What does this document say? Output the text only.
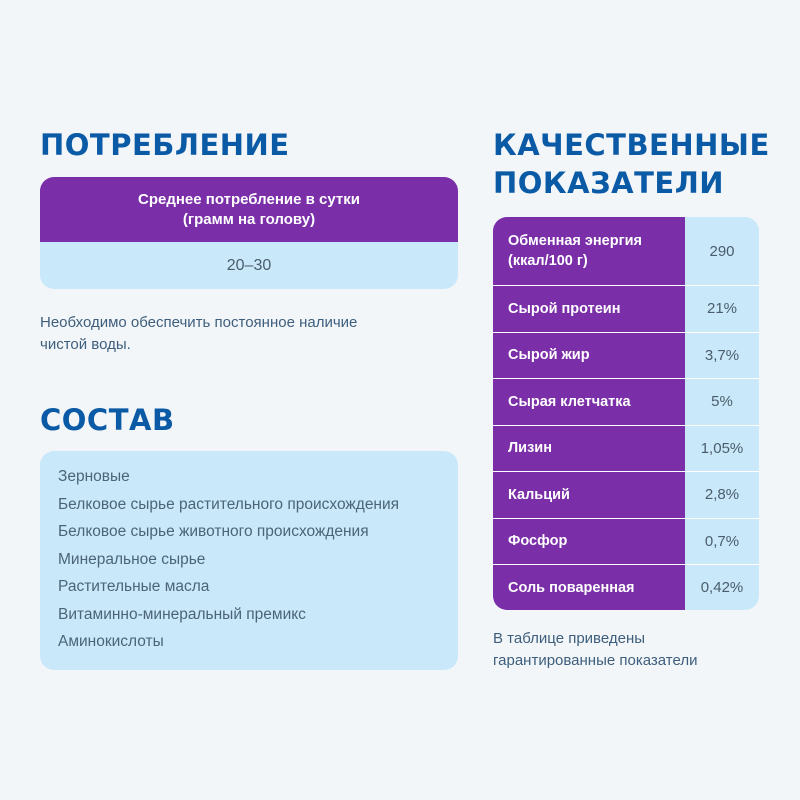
ПОТРЕБЛЕНИЕ
Среднее потребление в сутки
(грамм на голову)
20–30

Необходимо обеспечить постоянное наличие
чистой воды.

СОСТАВ
Зерновые
Белковое сырье растительного происхождения
Белковое сырье животного происхождения
Минеральное сырье
Растительные масла
Витаминно-минеральный премикс
Аминокислоты
КАЧЕСТВЕННЫЕ
ПОКАЗАТЕЛИ
Обменная энергия
(ккал/100 г)
290
Сырой протеин	21%
Сырой жир	3,7%
Сырая клетчатка	5%
Лизин	1,05%
Кальций	2,8%
Фосфор	0,7%
Соль поваренная	0,42%

В таблице приведены
гарантированные показатели
